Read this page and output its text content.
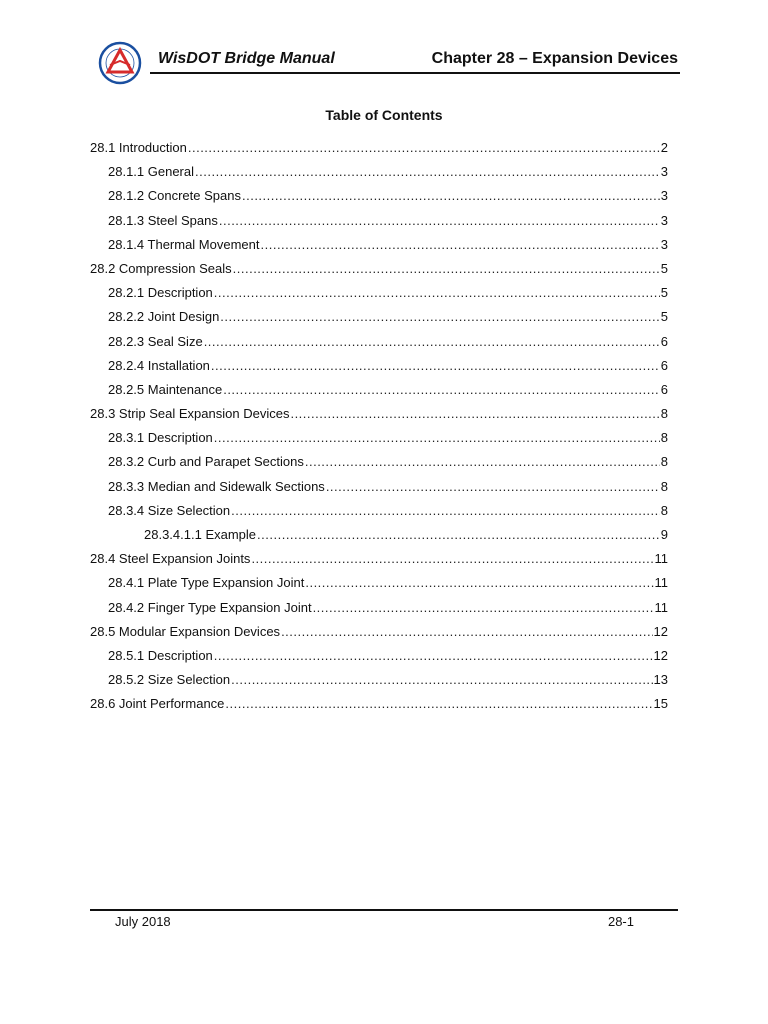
WisDOT Bridge Manual	Chapter 28 – Expansion Devices
Table of Contents
28.1 Introduction .....	2
28.1.1 General .....	3
28.1.2 Concrete Spans .....	3
28.1.3 Steel Spans .....	3
28.1.4 Thermal Movement .....	3
28.2 Compression Seals .....	5
28.2.1 Description .....	5
28.2.2 Joint Design .....	5
28.2.3 Seal Size .....	6
28.2.4 Installation .....	6
28.2.5 Maintenance .....	6
28.3 Strip Seal Expansion Devices .....	8
28.3.1 Description .....	8
28.3.2 Curb and Parapet Sections .....	8
28.3.3 Median and Sidewalk Sections .....	8
28.3.4 Size Selection .....	8
28.3.4.1.1 Example .....	9
28.4 Steel Expansion Joints .....	11
28.4.1 Plate Type Expansion Joint .....	11
28.4.2 Finger Type Expansion Joint .....	11
28.5 Modular Expansion Devices .....	12
28.5.1 Description .....	12
28.5.2 Size Selection .....	13
28.6 Joint Performance .....	15
July 2018	28-1
